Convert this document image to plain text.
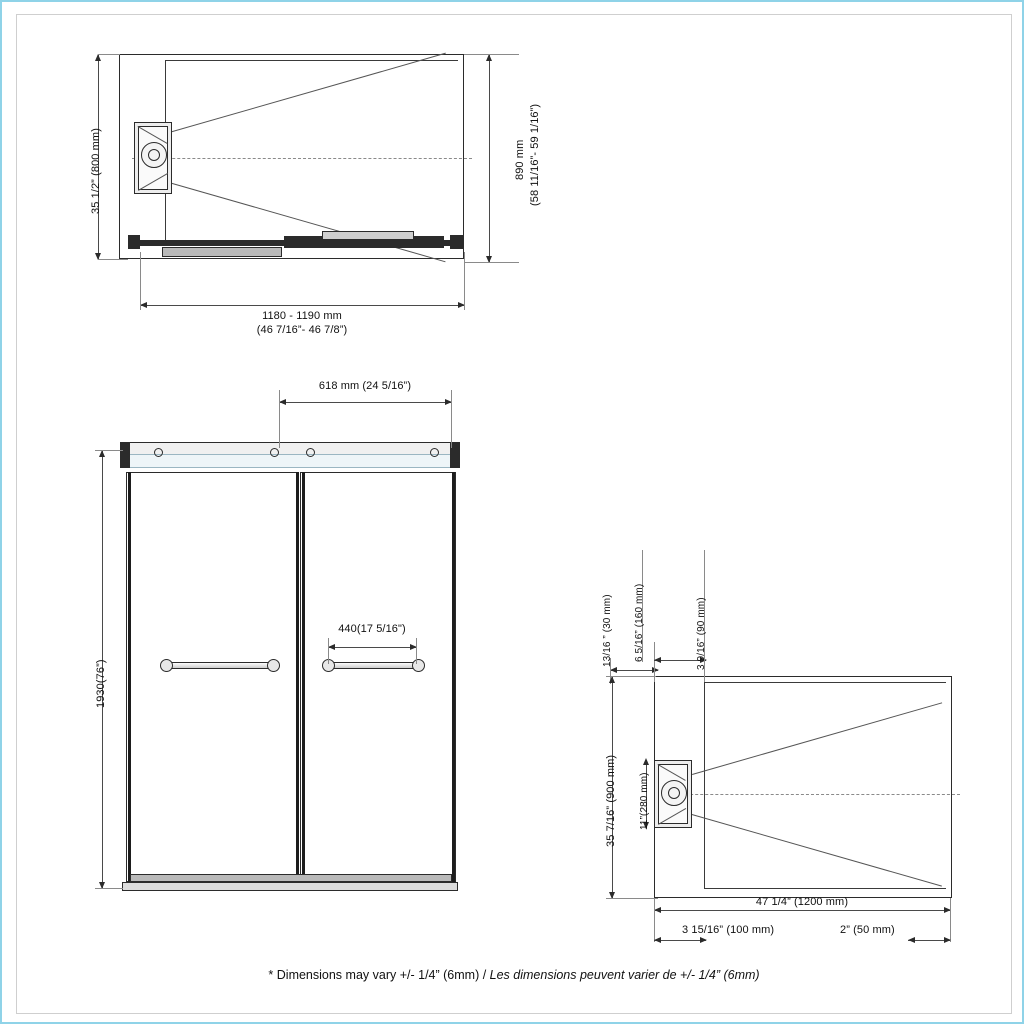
35 1/2” (800 mm)	890 mm (58 11/16”- 59 1/16”)
1180 - 1190 mm
(46 7/16”- 46 7/8”)
618 mm (24 5/16”)
1930(76”)
440(17 5/16")	13/16 ” (30 mm) 6 5/16” (160 mm)	3 9/16” (90 mm)
35 7/16” (900 mm) 11”(280 mm)
47 1/4” (1200 mm)
3 15/16” (100 mm)	2” (50 mm)
* Dimensions may vary +/- 1/4” (6mm) / Les dimensions peuvent varier de +/- 1/4” (6mm)
